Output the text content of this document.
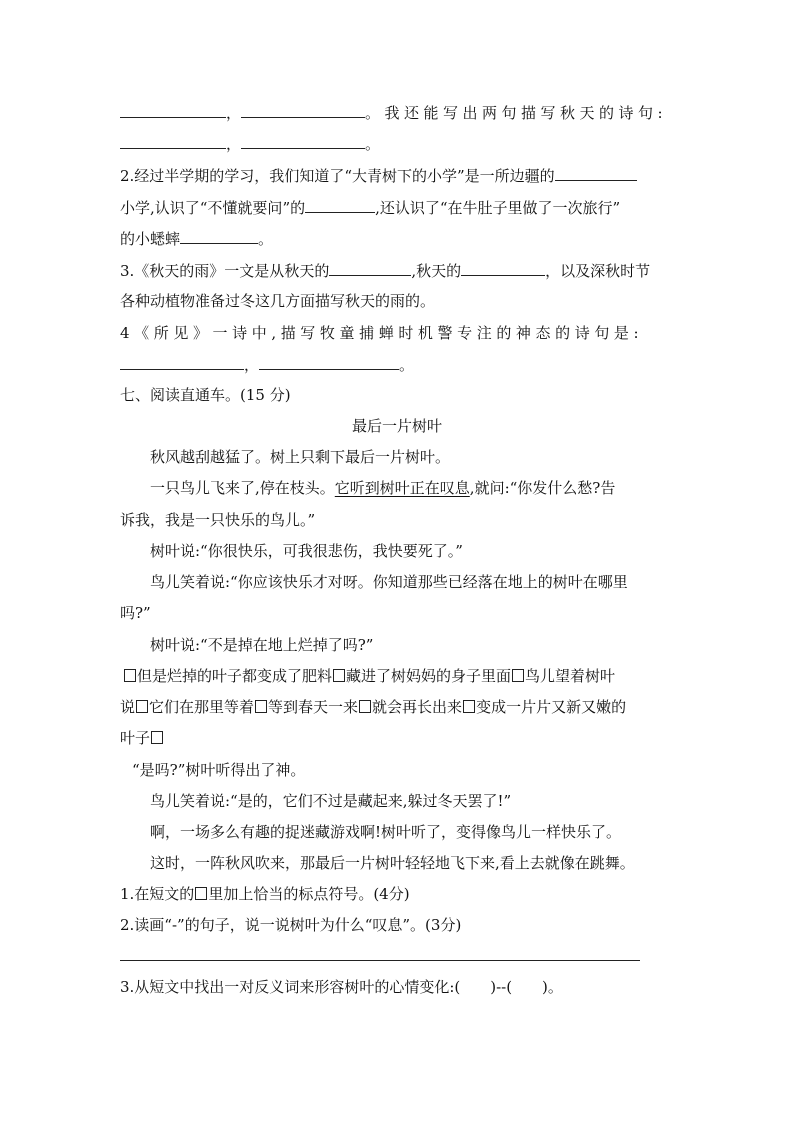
，	。我还能写出两句描写秋天的诗句:
，	。
2.经过半学期的学习，我们知道了“大青树下的小学”是一所边疆的
小学,认识了“不懂就要问”的	,还认识了“在牛肚子里做了一次旅行”
的小蟋蟀	。
3.《秋天的雨》一文是从秋天的	,秋天的	，以及深秋时节
各种动植物准备过冬这几方面描写秋天的雨的。
4《所见》一诗中,描写牧童捕蝉时机警专注的神态的诗句是:
，	。
七、阅读直通车。(15 分)
最后一片树叶
秋风越刮越猛了。树上只剩下最后一片树叶。
一只鸟儿飞来了,停在枝头。它听到树叶正在叹息,就问:“你发什么愁?告
诉我，我是一只快乐的鸟儿。”
树叶说:“你很快乐，可我很悲伤，我快要死了。”
鸟儿笑着说:“你应该快乐才对呀。你知道那些已经落在地上的树叶在哪里
吗?”
树叶说:“不是掉在地上烂掉了吗?”
但是烂掉的叶子都变成了肥料 藏进了树妈妈的身子里面 鸟儿望着树叶
说 它们在那里等着 等到春天一来 就会再长出来 变成一片片又新又嫩的
叶子
“是吗?”树叶听得出了神。
鸟儿笑着说:“是的，它们不过是藏起来,躲过冬天罢了!”
啊，一场多么有趣的捉迷藏游戏啊!树叶听了，变得像鸟儿一样快乐了。
这时，一阵秋风吹来，那最后一片树叶轻轻地飞下来,看上去就像在跳舞。
1.在短文的 里加上恰当的标点符号。(4分)
2.读画“-”的句子，说一说树叶为什么“叹息”。(3分)
3.从短文中找出一对反义词来形容树叶的心情变化:(　　)--(　　)。
